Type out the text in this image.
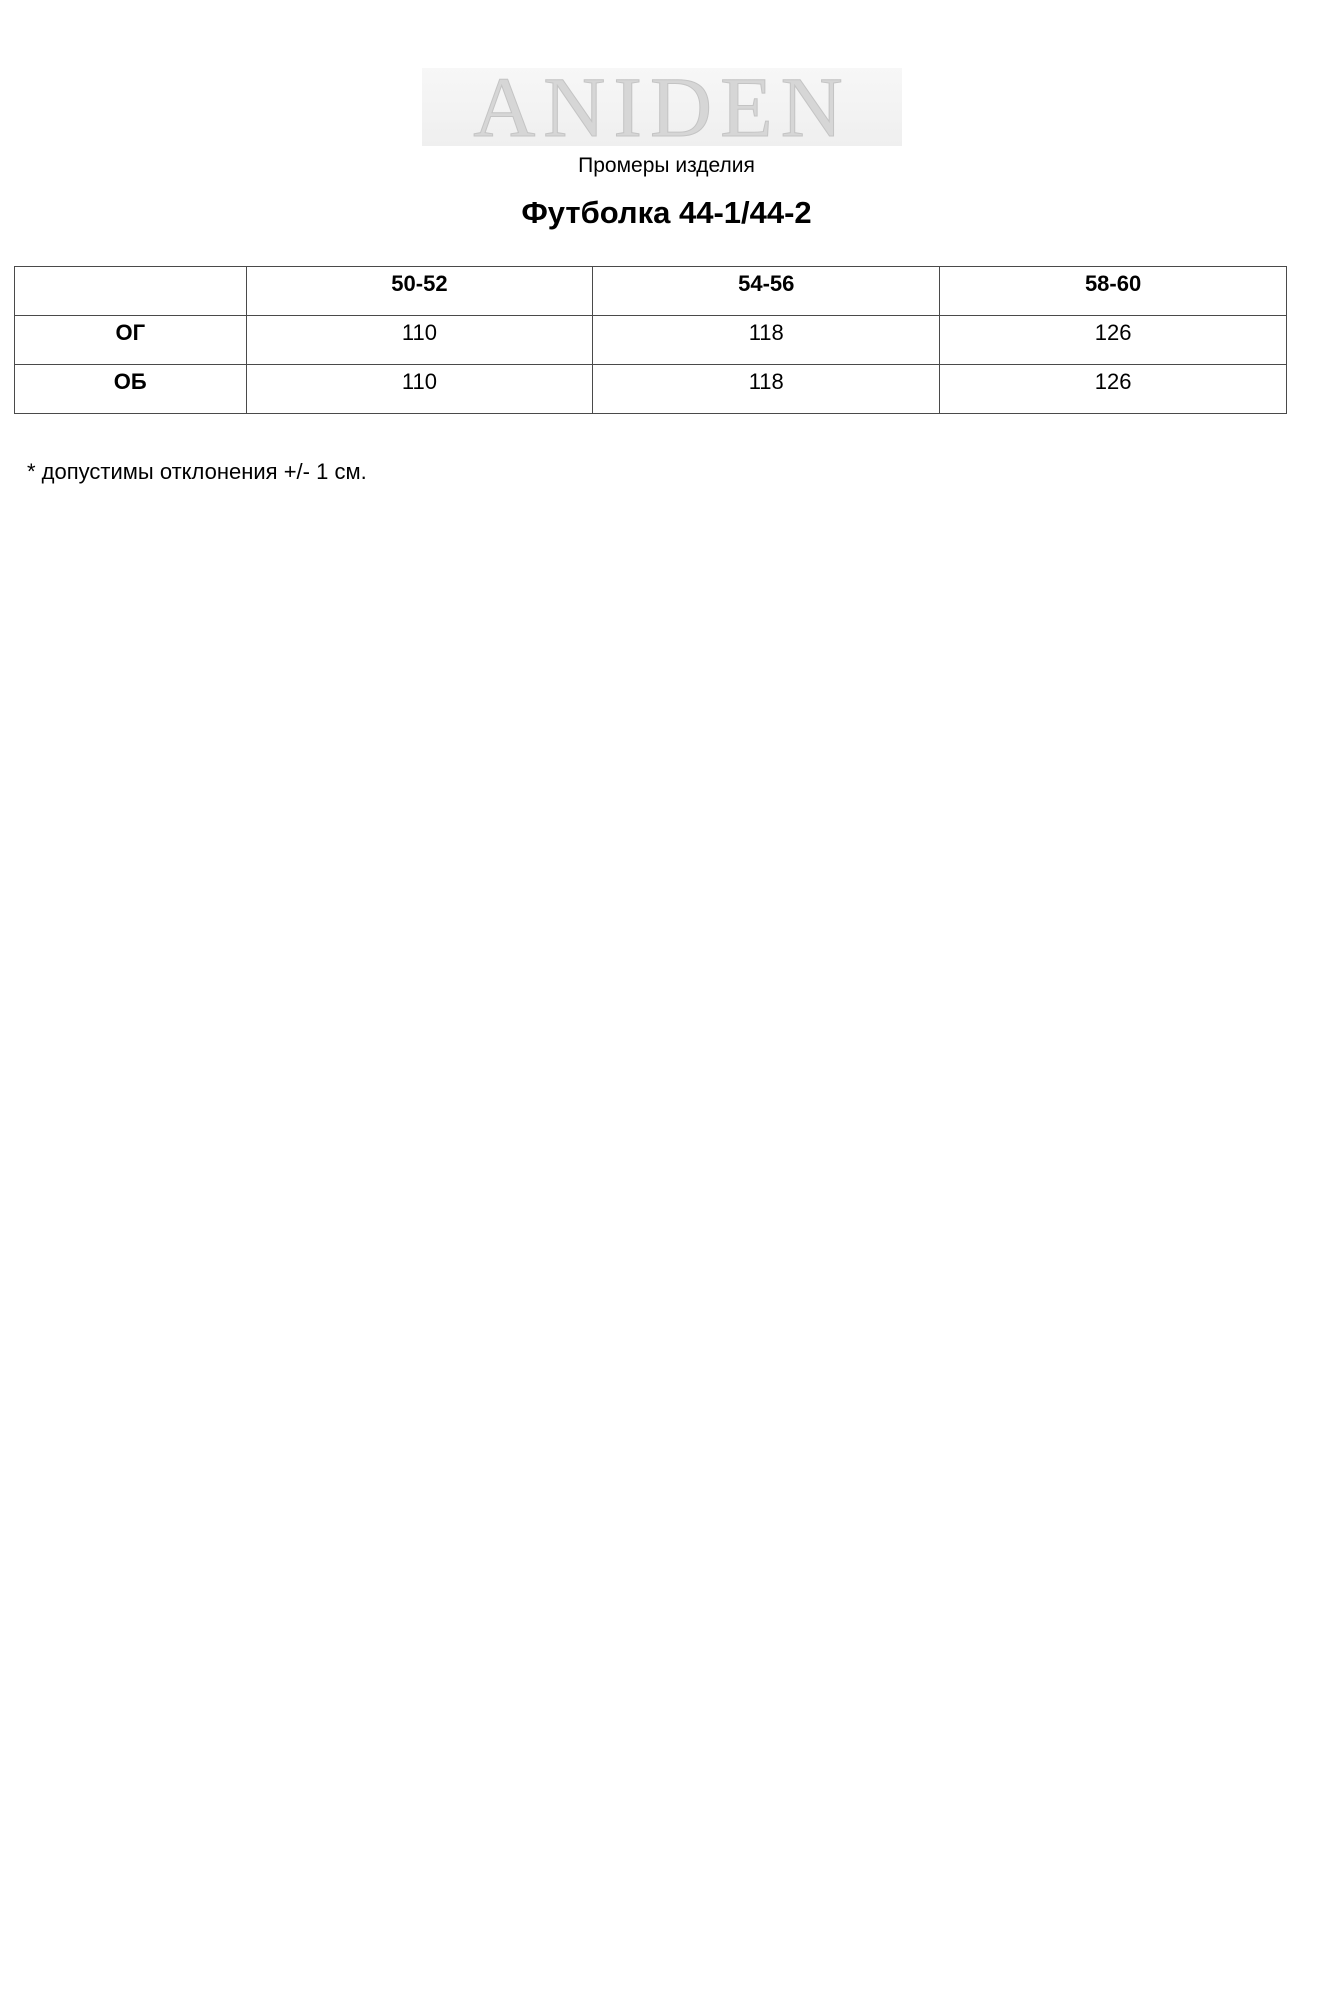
ANIDEN
Промеры изделия
Футболка 44-1/44-2
	50-52	54-56	58-60
ОГ	110	118	126
ОБ	110	118	126
* допустимы отклонения +/- 1 см.
